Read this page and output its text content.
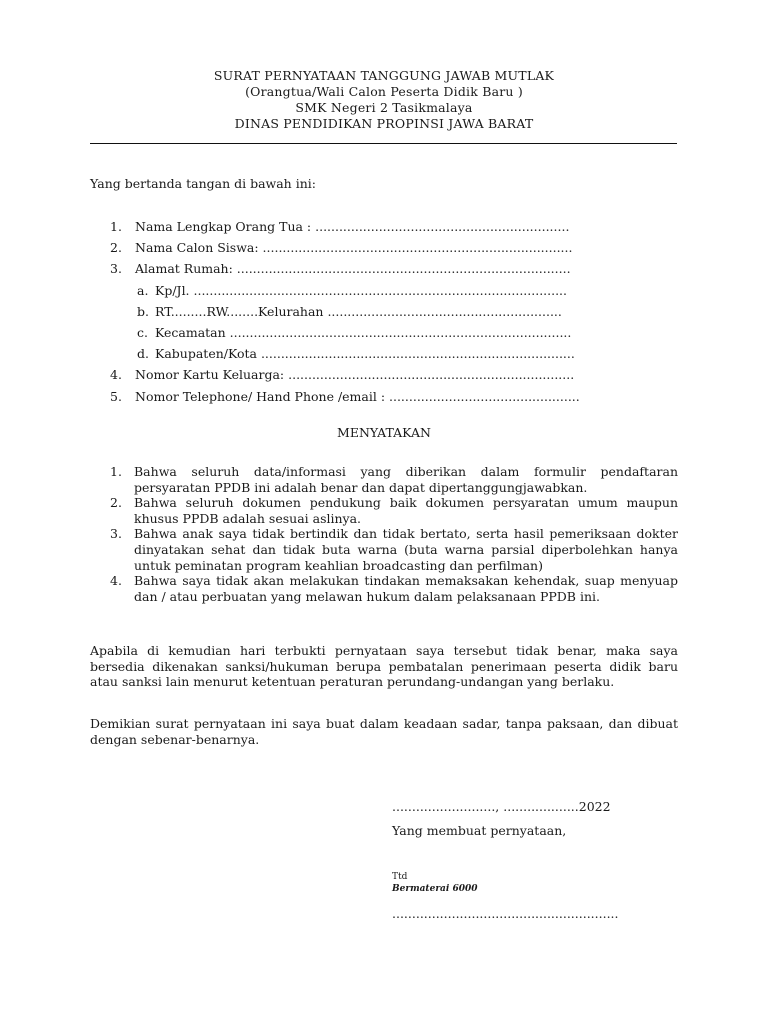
SURAT PERNYATAAN TANGGUNG JAWAB MUTLAK
(Orangtua/Wali Calon Peserta Didik Baru )
SMK Negeri 2 Tasikmalaya
DINAS PENDIDIKAN PROPINSI JAWA BARAT
Yang bertanda tangan di bawah ini:
1.	Nama Lengkap Orang Tua : ................................................................
2.	Nama Calon Siswa: ..............................................................................
3.	Alamat Rumah: ....................................................................................
a. Kp/Jl. ..............................................................................................
b. RT.........RW........Kelurahan ...........................................................
c. Kecamatan ......................................................................................
d. Kabupaten/Kota ...............................................................................
4.	Nomor Kartu Keluarga: ........................................................................
5.	Nomor Telephone/ Hand Phone /email : ................................................
MENYATAKAN
1. Bahwa seluruh data/informasi yang diberikan dalam formulir pendaftaran persyaratan PPDB ini adalah benar dan dapat dipertanggungjawabkan.
2. Bahwa seluruh dokumen pendukung baik dokumen persyaratan umum maupun khusus PPDB adalah sesuai aslinya.
3. Bahwa anak saya tidak bertindik dan tidak bertato, serta hasil pemeriksaan dokter dinyatakan sehat dan tidak buta warna (buta warna parsial diperbolehkan hanya untuk peminatan program keahlian broadcasting dan perfilman)
4. Bahwa saya tidak akan melakukan tindakan memaksakan kehendak, suap menyuap dan / atau perbuatan yang melawan hukum dalam pelaksanaan PPDB ini.
Apabila di kemudian hari terbukti pernyataan saya tersebut tidak benar, maka saya bersedia dikenakan sanksi/hukuman berupa pembatalan penerimaan peserta didik baru atau sanksi lain menurut ketentuan peraturan perundang-undangan yang berlaku.
Demikian surat pernyataan ini saya buat dalam keadaan sadar, tanpa paksaan, dan dibuat dengan sebenar-benarnya.
.........................., ...................2022
Yang membuat pernyataan,
Ttd
Bermaterai 6000
.........................................................
